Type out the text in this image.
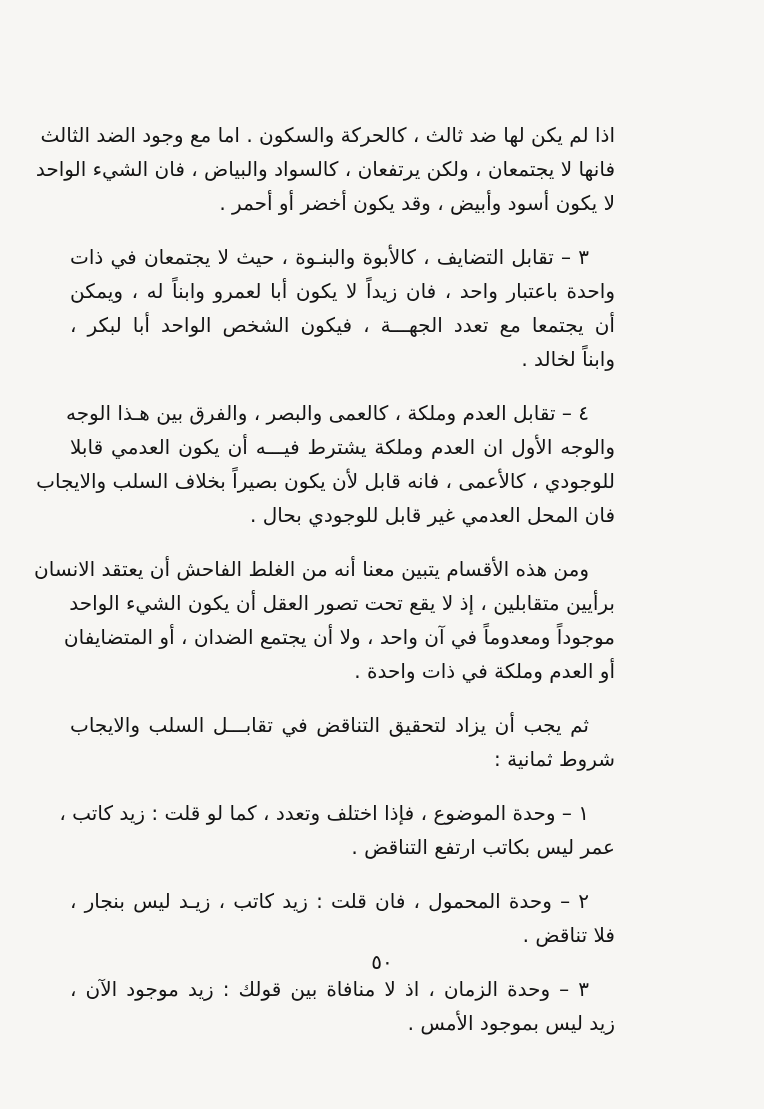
اذا لم يكن لها ضد ثالث ، كالحركة والسكون . اما مع وجود الضد الثالث
فانها لا يجتمعان ، ولكن يرتفعان ، كالسواد والبياض ، فان الشيء الواحد
لا يكون أسود وأبيض ، وقد يكون أخضر أو أحمر .
٣ – تقابل التضايف ، كالأبوة والبنـوة ، حيث لا يجتمعان في ذات
واحدة باعتبار واحد ، فان زيداً لا يكون أبا لعمرو وابناً له ، ويمكن
أن يجتمعا مع تعدد الجهـــة ، فيكون الشخص الواحد أبا لبكر ،
وابناً لخالد .
٤ – تقابل العدم وملكة ، كالعمى والبصر ، والفرق بين هـذا الوجه
والوجه الأول ان العدم وملكة يشترط فيـــه أن يكون العدمي قابلا
للوجودي ، كالأعمى ، فانه قابل لأن يكون بصيراً بخلاف السلب والايجاب
فان المحل العدمي غير قابل للوجودي بحال .
ومن هذه الأقسام يتبين معنا أنه من الغلط الفاحش أن يعتقد الانسان
برأيين متقابلين ، إذ لا يقع تحت تصور العقل أن يكون الشيء الواحد
موجوداً ومعدوماً في آن واحد ، ولا أن يجتمع الضدان ، أو المتضايفان
أو العدم وملكة في ذات واحدة .
ثم يجب أن يزاد لتحقيق التناقض في تقابـــل السلب والايجاب
شروط ثمانية :
١ – وحدة الموضوع ، فإذا اختلف وتعدد ، كما لو قلت : زيد كاتب ،
عمر ليس بكاتب ارتفع التناقض .
٢ – وحدة المحمول ، فان قلت : زيد كاتب ، زيـد ليس بنجار ،
فلا تناقض .
٣ – وحدة الزمان ، اذ لا منافاة بين قولك : زيد موجود الآن ،
زيد ليس بموجود الأمس .
٥٠
